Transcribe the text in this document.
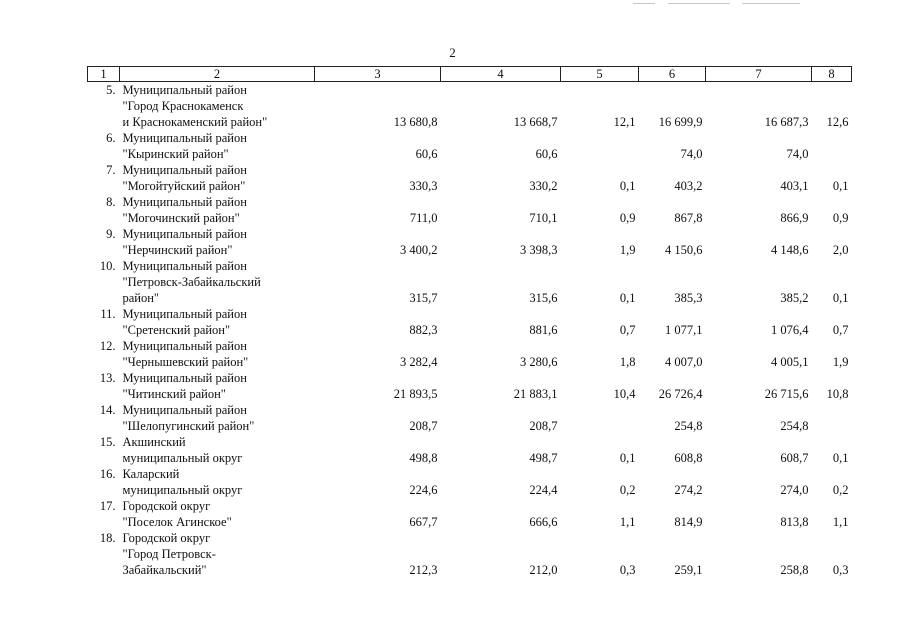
2
1	2	3	4	5	6	7	8
5.	Муниципальный район
"Город Краснокаменск
и Краснокаменский район"	13 680,8	13 668,7	12,1	16 699,9	16 687,3	12,6
6.	Муниципальный район
"Кыринский район"	60,6	60,6		74,0	74,0	
7.	Муниципальный район
"Могойтуйский район"	330,3	330,2	0,1	403,2	403,1	0,1
8.	Муниципальный район
"Могочинский район"	711,0	710,1	0,9	867,8	866,9	0,9
9.	Муниципальный район
"Нерчинский район"	3 400,2	3 398,3	1,9	4 150,6	4 148,6	2,0
10.	Муниципальный район
"Петровск-Забайкальский
район"	315,7	315,6	0,1	385,3	385,2	0,1
11.	Муниципальный район
"Сретенский район"	882,3	881,6	0,7	1 077,1	1 076,4	0,7
12.	Муниципальный район
"Чернышевский район"	3 282,4	3 280,6	1,8	4 007,0	4 005,1	1,9
13.	Муниципальный район
"Читинский район"	21 893,5	21 883,1	10,4	26 726,4	26 715,6	10,8
14.	Муниципальный район
"Шелопугинский район"	208,7	208,7		254,8	254,8	
15.	Акшинский
муниципальный округ	498,8	498,7	0,1	608,8	608,7	0,1
16.	Каларский
муниципальный округ	224,6	224,4	0,2	274,2	274,0	0,2
17.	Городской округ
"Поселок Агинское"	667,7	666,6	1,1	814,9	813,8	1,1
18.	Городской округ
"Город Петровск-
Забайкальский"	212,3	212,0	0,3	259,1	258,8	0,3
